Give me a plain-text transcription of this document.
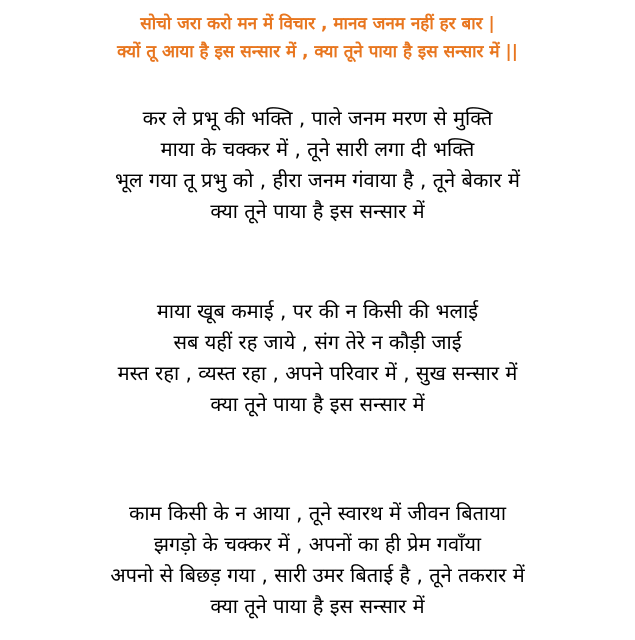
सोचो जरा करो मन में विचार , मानव जनम नहीं हर बार |
क्यों तू आया है इस सन्सार में , क्या तूने पाया है इस सन्सार में ||
कर ले प्रभू की भक्ति , पाले जनम मरण से मुक्ति
माया के चक्कर में , तूने सारी लगा दी भक्ति
भूल गया तू प्रभु को , हीरा जनम गंवाया है , तूने बेकार में
क्या तूने पाया है इस सन्सार में
माया खूब कमाई , पर की न किसी की भलाई
सब यहीं रह जाये , संग तेरे न कौड़ी जाई
मस्त रहा , व्यस्त रहा , अपने परिवार में , सुख सन्सार में
क्या तूने पाया है इस सन्सार में
काम किसी के न आया , तूने स्वारथ में जीवन बिताया
झगड़ो के चक्कर में , अपनों का ही प्रेम गवाँया
अपनो से बिछड़ गया , सारी उमर बिताई है , तूने तकरार में
क्या तूने पाया है इस सन्सार में
